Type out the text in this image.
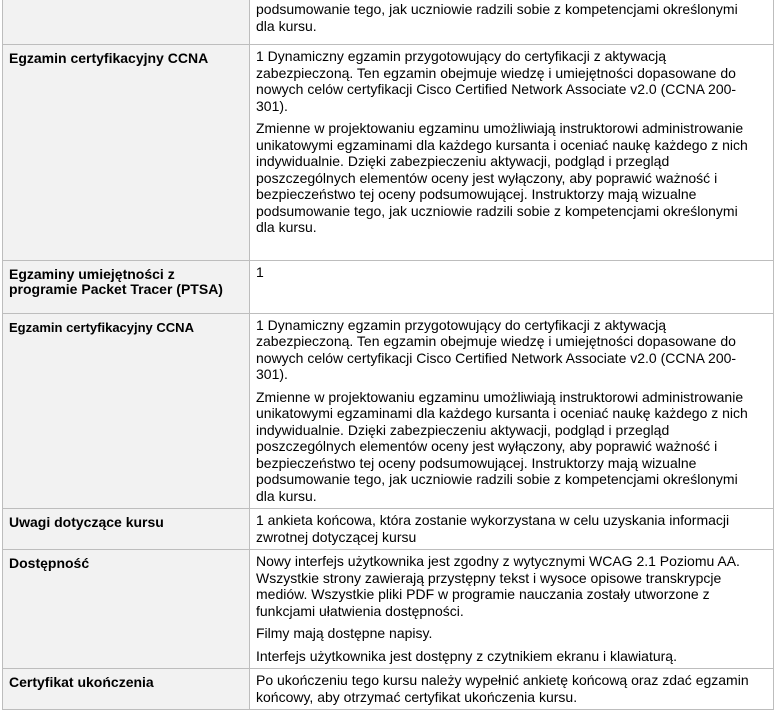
	podsumowanie tego, jak uczniowie radzili sobie z kompetencjami określonymi dla kursu.

Egzamin certyfikacyjny CCNA	1 Dynamiczny egzamin przygotowujący do certyfikacji z aktywacją zabezpieczoną. Ten egzamin obejmuje wiedzę i umiejętności dopasowane do nowych celów certyfikacji Cisco Certified Network Associate v2.0 (CCNA 200-301).

Zmienne w projektowaniu egzaminu umożliwiają instruktorowi administrowanie unikatowymi egzaminami dla każdego kursanta i oceniać naukę każdego z nich indywidualnie. Dzięki zabezpieczeniu aktywacji, podgląd i przegląd poszczególnych elementów oceny jest wyłączony, aby poprawić ważność i bezpieczeństwo tej oceny podsumowującej. Instruktorzy mają wizualne podsumowanie tego, jak uczniowie radzili sobie z kompetencjami określonymi dla kursu.

Egzaminy umiejętności z programie Packet Tracer (PTSA)	1

Egzamin certyfikacyjny CCNA	1 Dynamiczny egzamin przygotowujący do certyfikacji z aktywacją zabezpieczoną. Ten egzamin obejmuje wiedzę i umiejętności dopasowane do nowych celów certyfikacji Cisco Certified Network Associate v2.0 (CCNA 200-301).

Zmienne w projektowaniu egzaminu umożliwiają instruktorowi administrowanie unikatowymi egzaminami dla każdego kursanta i oceniać naukę każdego z nich indywidualnie. Dzięki zabezpieczeniu aktywacji, podgląd i przegląd poszczególnych elementów oceny jest wyłączony, aby poprawić ważność i bezpieczeństwo tej oceny podsumowującej. Instruktorzy mają wizualne podsumowanie tego, jak uczniowie radzili sobie z kompetencjami określonymi dla kursu.

Uwagi dotyczące kursu	1 ankieta końcowa, która zostanie wykorzystana w celu uzyskania informacji zwrotnej dotyczącej kursu

Dostępność	Nowy interfejs użytkownika jest zgodny z wytycznymi WCAG 2.1 Poziomu AA. Wszystkie strony zawierają przystępny tekst i wysoce opisowe transkrypcje mediów. Wszystkie pliki PDF w programie nauczania zostały utworzone z funkcjami ułatwienia dostępności.

Filmy mają dostępne napisy.

Interfejs użytkownika jest dostępny z czytnikiem ekranu i klawiaturą.

Certyfikat ukończenia	Po ukończeniu tego kursu należy wypełnić ankietę końcową oraz zdać egzamin końcowy, aby otrzymać certyfikat ukończenia kursu.
